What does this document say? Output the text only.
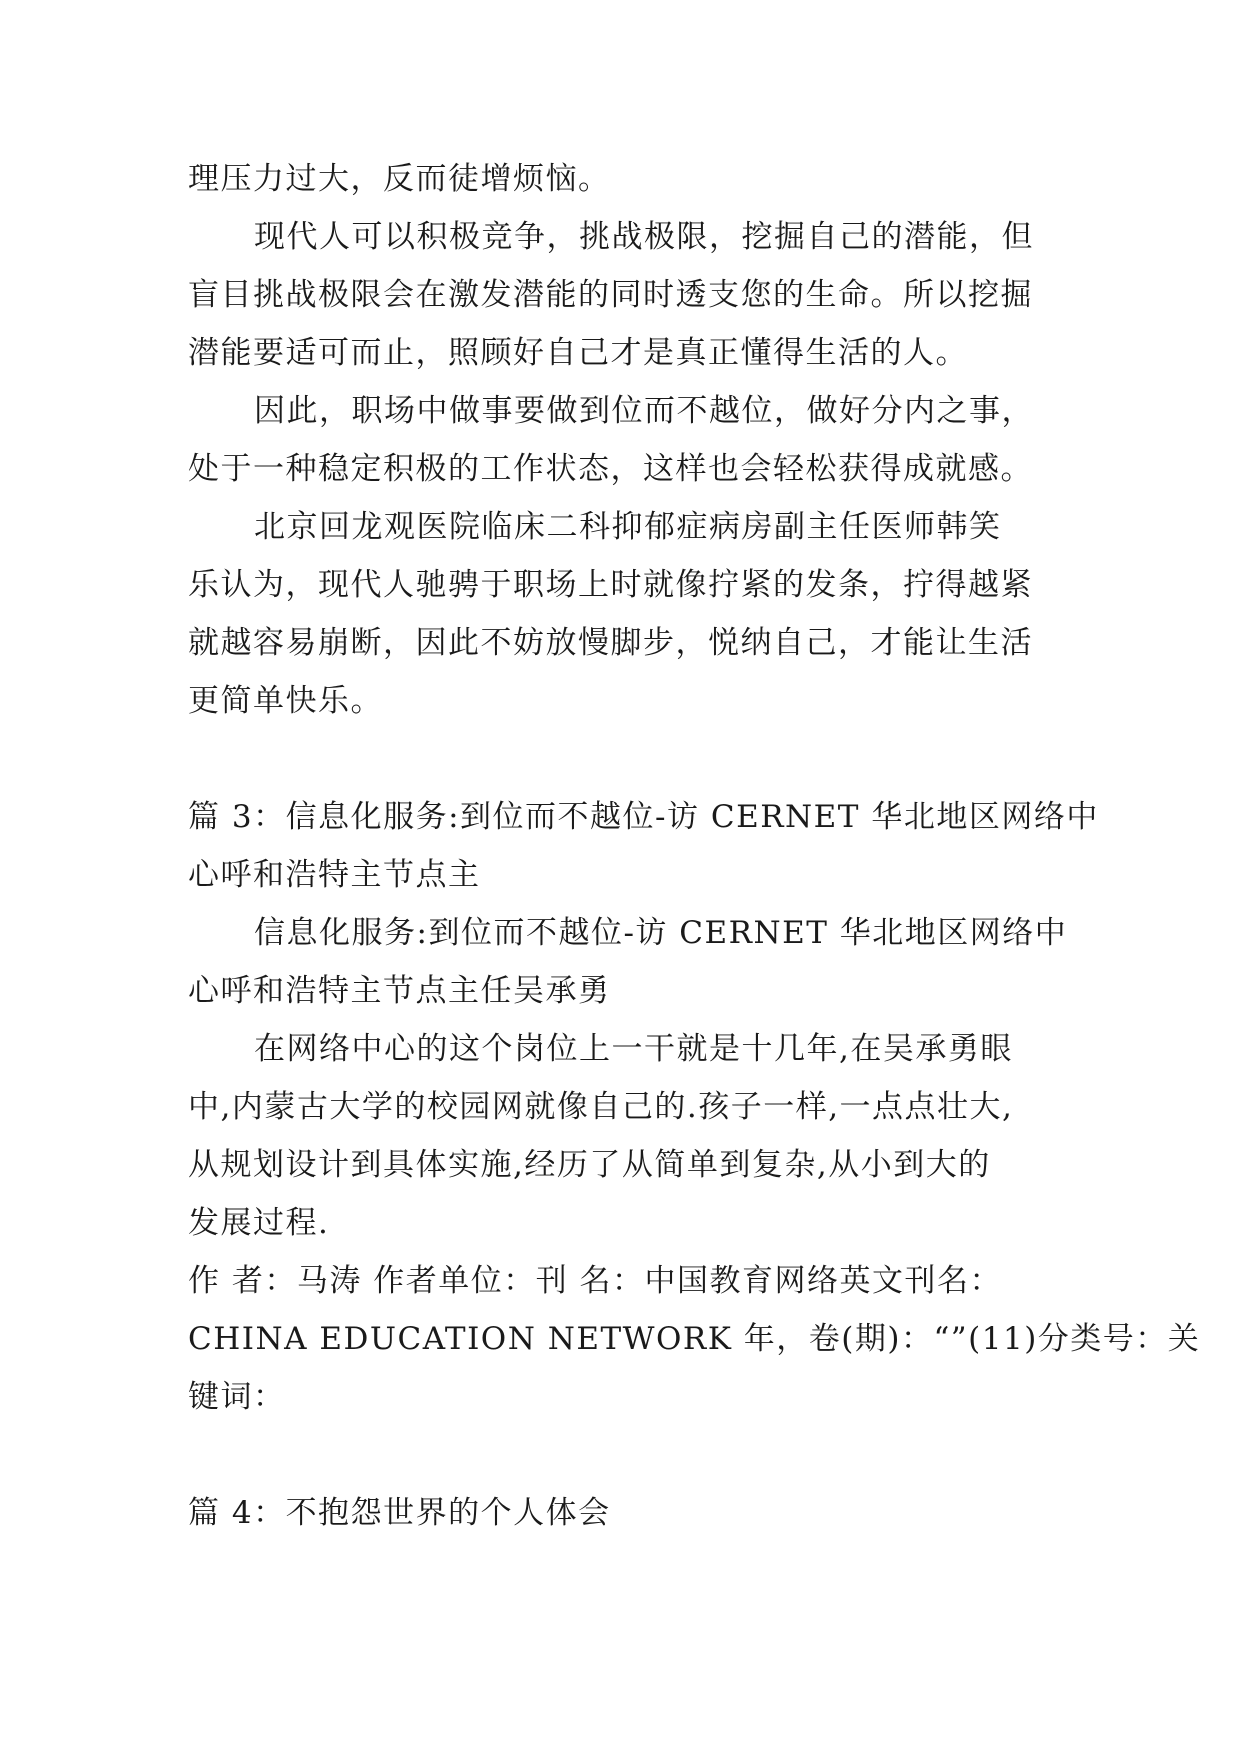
理压力过大，反而徒增烦恼。
现代人可以积极竞争，挑战极限，挖掘自己的潜能，但
盲目挑战极限会在激发潜能的同时透支您的生命。所以挖掘
潜能要适可而止，照顾好自己才是真正懂得生活的人。
因此，职场中做事要做到位而不越位，做好分内之事，
处于一种稳定积极的工作状态，这样也会轻松获得成就感。
北京回龙观医院临床二科抑郁症病房副主任医师韩笑
乐认为，现代人驰骋于职场上时就像拧紧的发条，拧得越紧
就越容易崩断，因此不妨放慢脚步，悦纳自己，才能让生活
更简单快乐。
篇 3：信息化服务:到位而不越位-访 CERNET 华北地区网络中
心呼和浩特主节点主
信息化服务:到位而不越位-访 CERNET 华北地区网络中
心呼和浩特主节点主任吴承勇
在网络中心的这个岗位上一干就是十几年,在吴承勇眼
中,内蒙古大学的校园网就像自己的.孩子一样,一点点壮大,
从规划设计到具体实施,经历了从简单到复杂,从小到大的
发展过程.
作 者：马涛 作者单位：刊 名：中国教育网络英文刊名：
CHINA EDUCATION NETWORK 年，卷(期)：“”(11)分类号：关
键词：
篇 4：不抱怨世界的个人体会
